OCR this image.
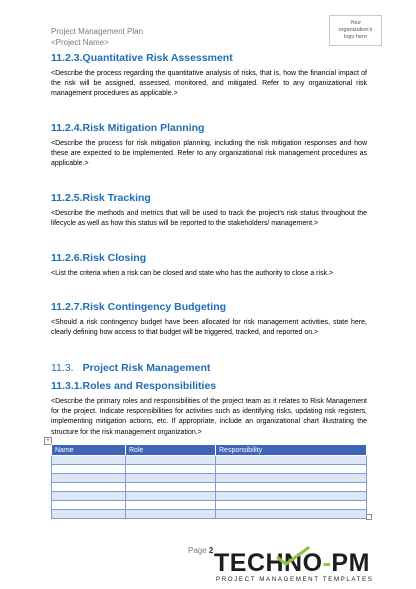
Project Management Plan
<Project Name>
Your organization's logo here
11.2.3.Quantitative Risk Assessment
<Describe the process regarding the quantitative analysis of risks, that is, how the financial impact of the risk will be assigned, assessed, monitored, and mitigated. Refer to any organizational risk management procedures as applicable.>
11.2.4.Risk Mitigation Planning
<Describe the process for risk mitigation planning, including the risk mitigation responses and how these are expected to be implemented. Refer to any organizational risk management procedures as applicable.>
11.2.5.Risk Tracking
<Describe the methods and metrics that will be used to track the project's risk status throughout the lifecycle as well as how this status will be reported to the stakeholders/ management.>
11.2.6.Risk Closing
<List the criteria when a risk can be closed and state who has the authority to close a risk.>
11.2.7.Risk Contingency Budgeting
<Should a risk contingency budget have been allocated for risk management activities, state here, clearly defining how access to that budget will be triggered, tracked, and reported on.>
11.3. Project Risk Management
11.3.1.Roles and Responsibilities
<Describe the primary roles and responsibilities of the project team as it relates to Risk Management for the project. Indicate responsibilities for activities such as identifying risks, updating risk registers, implementing mitigation actions, etc. If appropriate, include an organizational chart illustrating the structure for the risk management organization.>
+
Name	Role	Responsibility

Page 2 TECHNO-PM
PROJECT MANAGEMENT TEMPLATES
